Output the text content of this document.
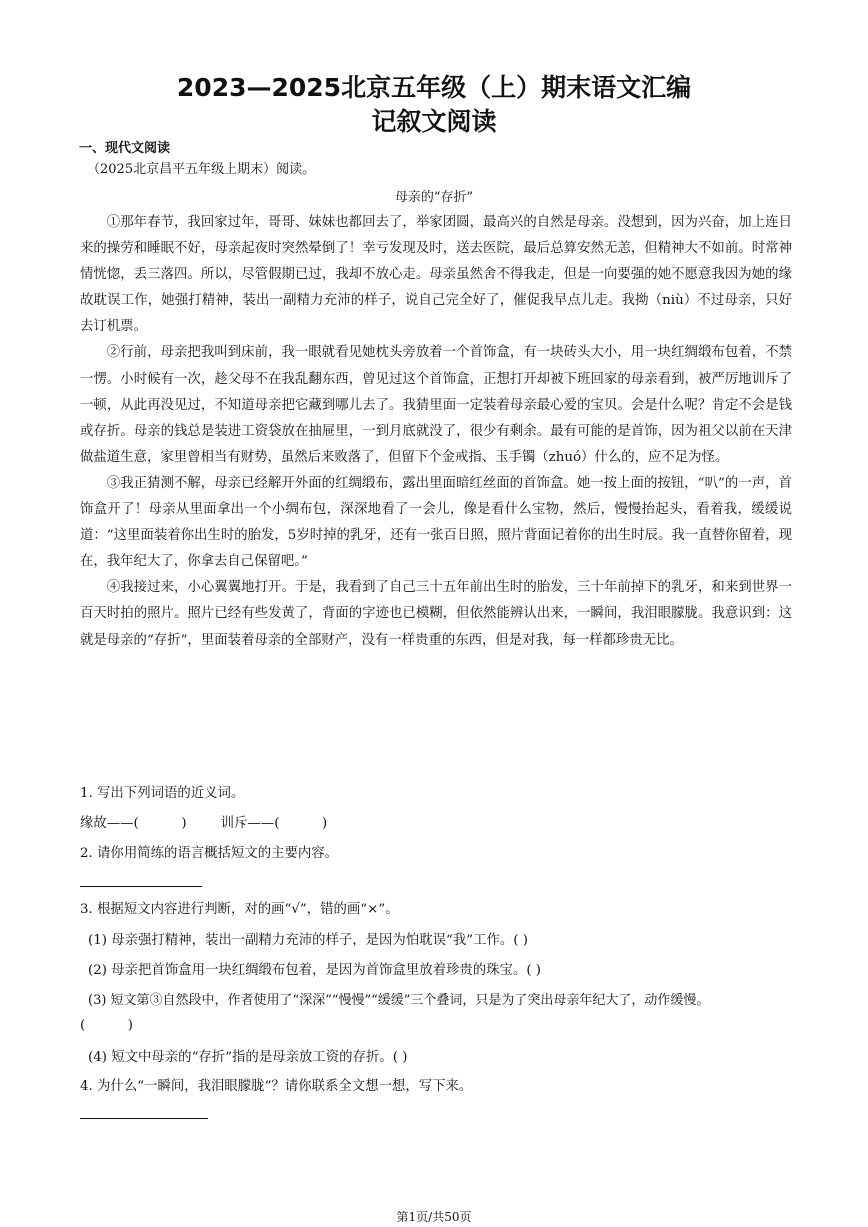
2023—2025北京五年级（上）期末语文汇编
记叙文阅读
一、现代文阅读
（2025北京昌平五年级上期末）阅读。
母亲的“存折”

①那年春节，我回家过年，哥哥、妹妹也都回去了，举家团圆，最高兴的自然是母亲。没想到，因为兴奋，加上连日来的操劳和睡眠不好，母亲起夜时突然晕倒了！幸亏发现及时，送去医院，最后总算安然无恙，但精神大不如前。时常神情恍惚，丢三落四。所以，尽管假期已过，我却不放心走。母亲虽然舍不得我走，但是一向要强的她不愿意我因为她的缘故耽误工作，她强打精神，装出一副精力充沛的样子，说自己完全好了，催促我早点儿走。我拗（niù）不过母亲，只好去订机票。

②行前，母亲把我叫到床前，我一眼就看见她枕头旁放着一个首饰盒，有一块砖头大小，用一块红绸缎布包着，不禁一愣。小时候有一次，趁父母不在我乱翻东西，曾见过这个首饰盒，正想打开却被下班回家的母亲看到，被严厉地训斥了一顿，从此再没见过，不知道母亲把它藏到哪儿去了。我猜里面一定装着母亲最心爱的宝贝。会是什么呢？肯定不会是钱或存折。母亲的钱总是装进工资袋放在抽屉里，一到月底就没了，很少有剩余。最有可能的是首饰，因为祖父以前在天津做盐道生意，家里曾相当有财势，虽然后来败落了，但留下个金戒指、玉手镯（zhuó）什么的，应不足为怪。

③我正猜测不解，母亲已经解开外面的红绸缎布，露出里面暗红丝面的首饰盒。她一按上面的按钮，“叭”的一声，首饰盒开了！母亲从里面拿出一个小绸布包，深深地看了一会儿，像是看什么宝物，然后，慢慢抬起头，看着我，缓缓说道：“这里面装着你出生时的胎发，5岁时掉的乳牙，还有一张百日照，照片背面记着你的出生时辰。我一直替你留着，现在，我年纪大了，你拿去自己保留吧。”

④我接过来，小心翼翼地打开。于是，我看到了自己三十五年前出生时的胎发，三十年前掉下的乳牙，和来到世界一百天时拍的照片。照片已经有些发黄了，背面的字迹也已模糊，但依然能辨认出来，一瞬间，我泪眼朦胧。我意识到：这就是母亲的“存折”，里面装着母亲的全部财产，没有一样贵重的东西，但是对我，每一样都珍贵无比。

1. 写出下列词语的近义词。
缘故——(          )        训斥——(          )
2. 请你用简练的语言概括短文的主要内容。
3. 根据短文内容进行判断，对的画“√”，错的画“×”。
(1) 母亲强打精神，装出一副精力充沛的样子，是因为怕耽误“我”工作。( )
(2) 母亲把首饰盒用一块红绸缎布包着，是因为首饰盒里放着珍贵的珠宝。( )
(3) 短文第③自然段中，作者使用了“深深”“慢慢”“缓缓”三个叠词，只是为了突出母亲年纪大了，动作缓慢。
(          )
(4) 短文中母亲的“存折”指的是母亲放工资的存折。( )
4. 为什么“一瞬间，我泪眼朦胧”？请你联系全文想一想，写下来。
第1页/共50页
